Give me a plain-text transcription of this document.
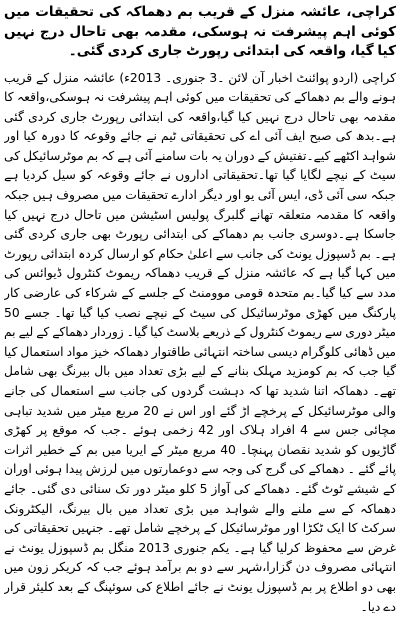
کراچی، عائشہ منزل کے قریب بم دھماکہ کی تحقیقات میں کوئی اہم پیشرفت نہ ہوسکی، مقدمہ بھی تاحال درج نہیں کیا گیا، واقعہ کی ابتدائی رپورٹ جاری کردی گئی۔

کراچی (اردو پوائنٹ اخبار آن لائن ۔3 جنوری۔ 2013ء) عائشہ منزل کے قریب ہونے والے بم دھماکے کی تحقیقات میں کوئی اہم پیشرفت نہ ہوسکی،واقعہ کا مقدمہ بھی تاحال درج نہیں کیا گیا،واقعہ کی ابتدائی رپورٹ جاری کردی گئی ہے۔بدھ کی صبح ایف آئی اے کی تحقیقاتی ٹیم نے جائے وقوعہ کا دورہ کیا اور شواہد اکٹھے کیے۔تفتیش کے دوران یہ بات سامنے آئی ہے کہ بم موٹرسائیکل کی سیٹ کے نیچے لگایا گیا تھا۔تحقیقاتی اداروں نے جائے وقوعہ کو سیل کردیا ہے جبکہ سی آئی ڈی، ایس آئی یو اور دیگر ادارے تحقیقات میں مصروف ہیں جبکہ واقعہ کا مقدمہ متعلقہ تھانے گلبرگ پولیس اسٹیشن میں تاحال درج نہیں کیا جاسکا ہے۔دوسری جانب بم دھماکے کی ابتدائی رپورٹ بھی جاری کردی گئی ہے۔ بم ڈسپوزل یونٹ کی جانب سے اعلیٰ حکام کو ارسال کردہ ابتدائی رپورٹ میں کہا گیا ہے کہ عائشہ منزل کے قریب دھماکہ ریموٹ کنٹرول ڈیوائس کی مدد سے کیا گیا۔بم متحدہ قومی موومنٹ کے جلسے کے شرکاء کی عارضی کار پارکنگ میں کھڑی موٹرسائیکل کی سیٹ کے نیچے نصب کیا گیا تھا۔ جسے 50 میٹر دوری سے ریموٹ کنٹرول کے ذریعے بلاسٹ کیا گیا۔ زوردار دھماکے کے لیے بم میں ڈھائی کلوگرام دیسی ساختہ انتہائی طاقتوار دھماکہ خیز مواد استعمال کیا گیا جب کہ بم کومزید مہلک بنانے کے لیے بڑی تعداد میں بال بیرنگ بھی شامل تھے۔ دھماکہ اتنا شدید تھا کہ دہشت گردوں کی جانب سے استعمال کی جانے والی موٹرسائیکل کے پرخچے اڑ گئے اور اس نے 20 مربع میٹر میں شدید تباہی مچائی جس سے 4 افراد ہلاک اور 42 زخمی ہوئے ۔جب کہ موقع پر کھڑی گاڑیوں کو شدید نقصان پہنچا۔ 40 مربع میٹر کے ایریا میں بم کے خطیر اثرات پائے گئے ۔ دھماکے کی گرج کی وجہ سے دوعمارتوں میں لرزش پیدا ہوئی اوران کے شیشے ٹوٹ گئے۔ دھماکے کی آواز 5 کلو میٹر دور تک سنائی دی گئی۔ جائے دھماکہ کے سے ملنے والے شواہد میں بڑی تعداد میں بال بیرنگ، الیکٹرونک سرکٹ کا ایک ٹکڑا اور موٹرسائیکل کے پرخچے شامل تھے۔ جنہیں تحقیقاتی کی غرض سے محفوظ کرلیا گیا ہے۔ یکم جنوری 2013 منگل بم ڈسپوزل یونٹ نے انتہائی مصروف دن گزارا،شہر سے دو بم برآمد ہوئے جب کہ کریکر زون میں بھی دو اطلاع پر بم ڈسپوزل یونٹ نے جائے اطلاع کی سوئپنگ کے بعد کلیئر قرار دے دیا۔
